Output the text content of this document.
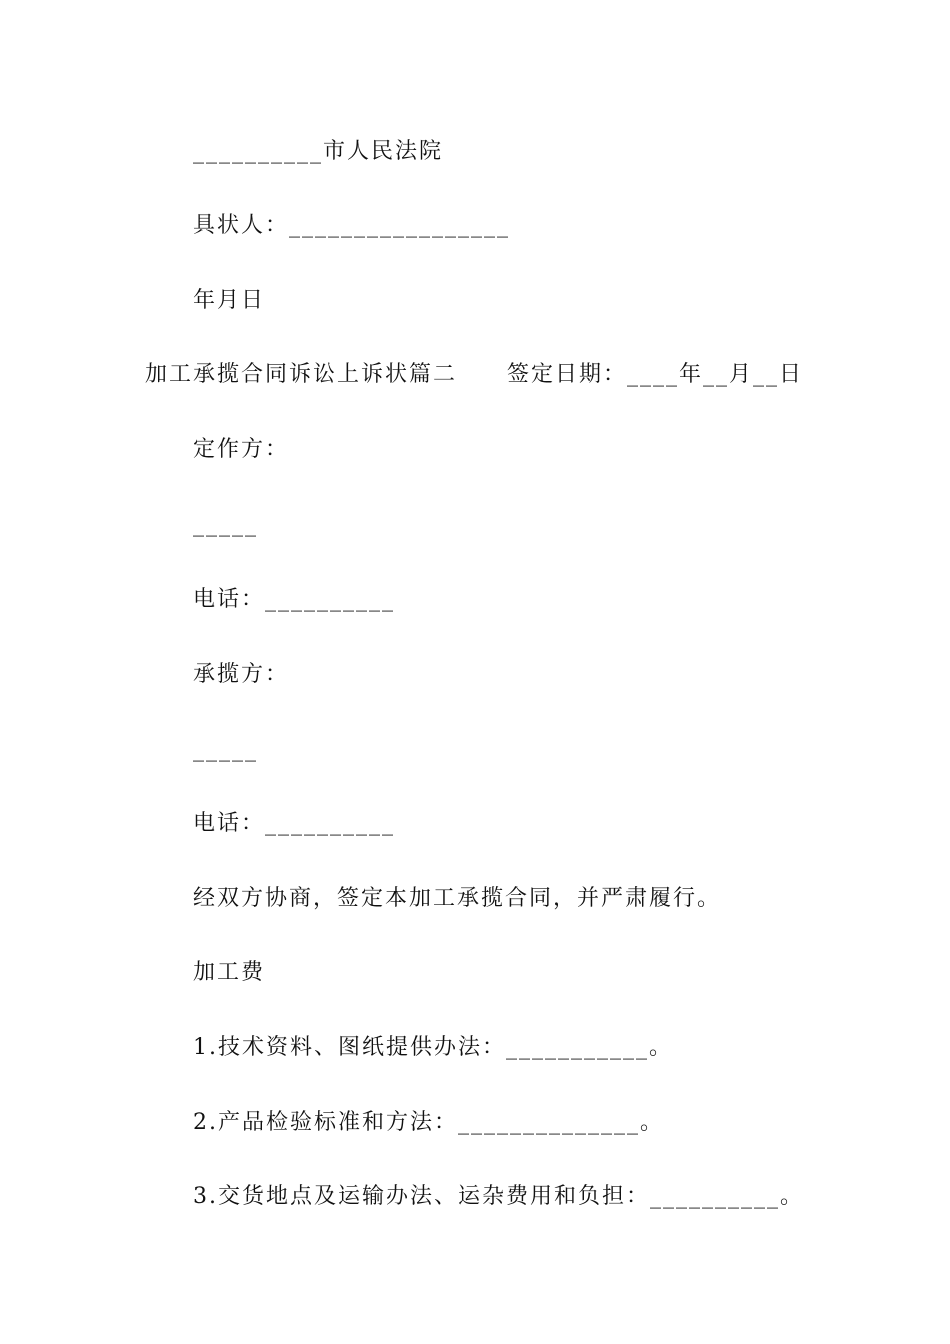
__________市人民法院
具状人：_________________
年月日
加工承揽合同诉讼上诉状篇二 签定日期：____年__月__日
定作方：
_____
电话：__________
承揽方：
_____
电话：__________
经双方协商，签定本加工承揽合同，并严肃履行。
加工费
1.技术资料、图纸提供办法：___________。
2.产品检验标准和方法：______________。
3.交货地点及运输办法、运杂费用和负担：__________。
